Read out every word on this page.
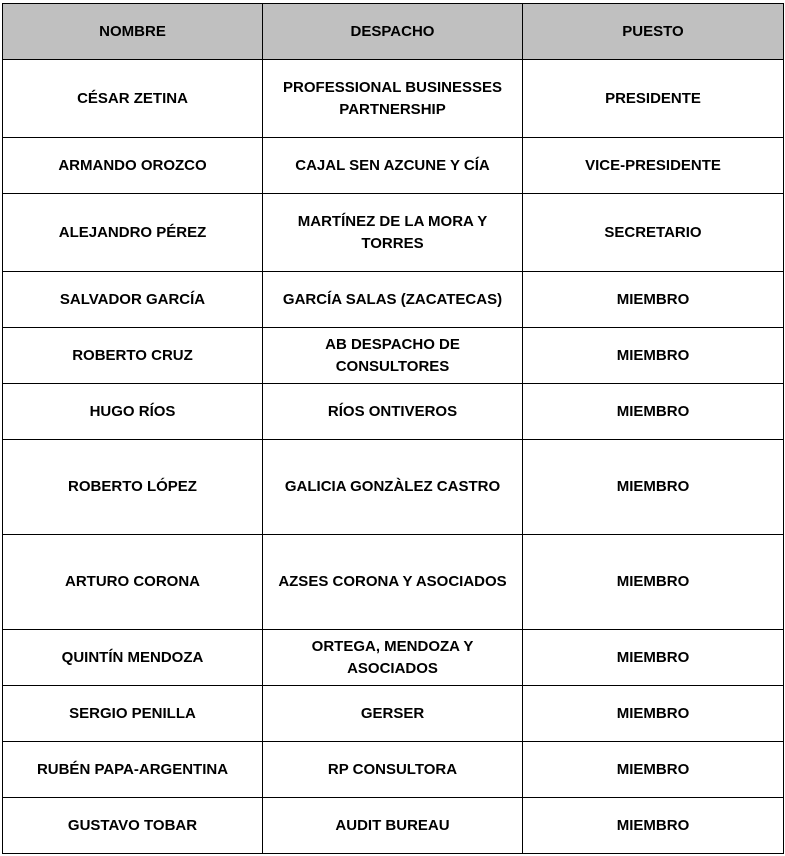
NOMBRE	DESPACHO	PUESTO
CÉSAR ZETINA	PROFESSIONAL BUSINESSES PARTNERSHIP	PRESIDENTE
ARMANDO OROZCO	CAJAL SEN AZCUNE Y CÍA	VICE-PRESIDENTE
ALEJANDRO PÉREZ	MARTÍNEZ DE LA MORA Y TORRES	SECRETARIO
SALVADOR GARCÍA	GARCÍA SALAS (ZACATECAS)	MIEMBRO
ROBERTO CRUZ	AB DESPACHO DE CONSULTORES	MIEMBRO
HUGO RÍOS	RÍOS ONTIVEROS	MIEMBRO
ROBERTO LÓPEZ	GALICIA GONZÀLEZ CASTRO	MIEMBRO
ARTURO CORONA	AZSES CORONA Y ASOCIADOS	MIEMBRO
QUINTÍN MENDOZA	ORTEGA, MENDOZA Y ASOCIADOS	MIEMBRO
SERGIO PENILLA	GERSER	MIEMBRO
RUBÉN PAPA-ARGENTINA	RP CONSULTORA	MIEMBRO
GUSTAVO TOBAR	AUDIT BUREAU	MIEMBRO
